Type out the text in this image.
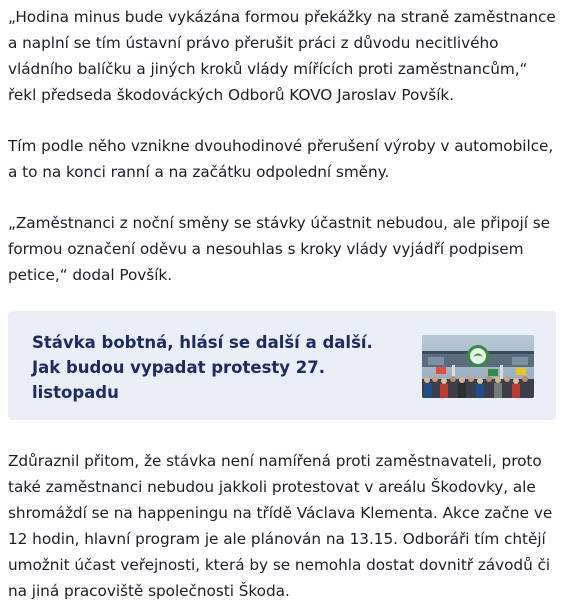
„Hodina minus bude vykázána formou překážky na straně zaměstnance a naplní se tím ústavní právo přerušit práci z důvodu necitlivého vládního balíčku a jiných kroků vlády mířících proti zaměstnancům,“ řekl předseda škodováckých Odborů KOVO Jaroslav Povšík.

Tím podle něho vznikne dvouhodinové přerušení výroby v automobilce, a to na konci ranní a na začátku odpolední směny.

„Zaměstnanci z noční směny se stávky účastnit nebudou, ale připojí se formou označení oděvu a nesouhlas s kroky vlády vyjádří podpisem petice,“ dodal Povšík.

Stávka bobtná, hlásí se další a další. Jak budou vypadat protesty 27. listopadu

Zdůraznil přitom, že stávka není namířená proti zaměstnavateli, proto také zaměstnanci nebudou jakkoli protestovat v areálu Škodovky, ale shromáždí se na happeningu na třídě Václava Klementa. Akce začne ve 12 hodin, hlavní program je ale plánován na 13.15. Odboráři tím chtějí umožnit účast veřejnosti, která by se nemohla dostat dovnitř závodů či na jiná pracoviště společnosti Škoda.
